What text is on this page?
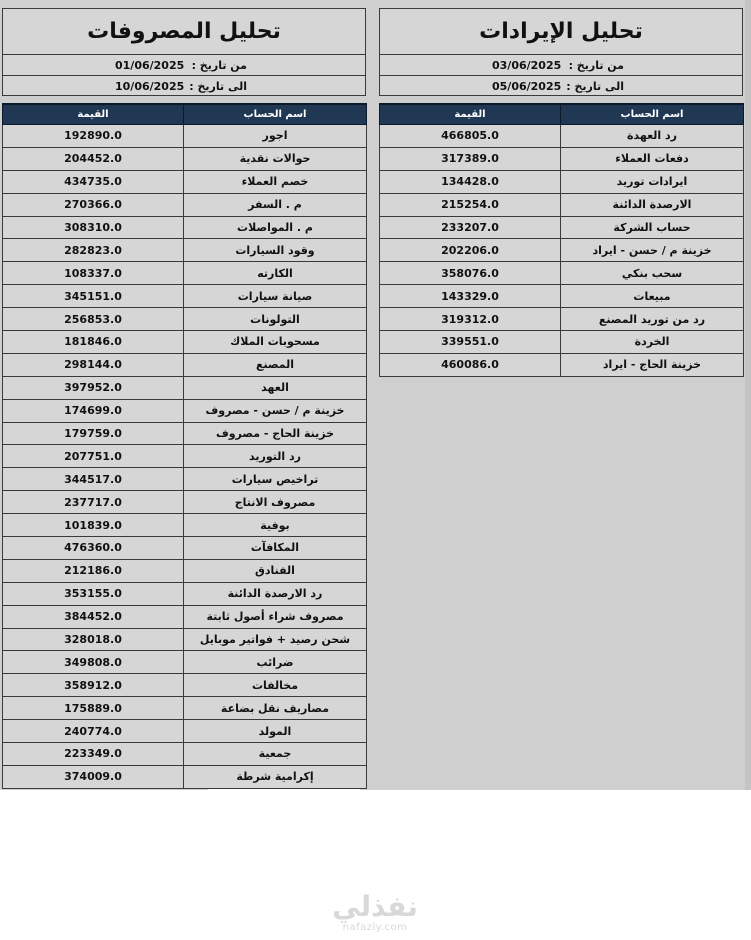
تحليل المصروفات
من تاريخ :
01/06/2025
الى تاريخ :
10/06/2025
تحليل الإيرادات
من تاريخ :
03/06/2025
الى تاريخ :
05/06/2025
القيمة	اسم الحساب
192890.0	اجور
204452.0	حوالات نقدية
434735.0	خصم العملاء
270366.0	م . السفر
308310.0	م . المواصلات
282823.0	وقود السيارات
108337.0	الكارته
345151.0	صيانة سيارات
256853.0	التولونات
181846.0	مسحوبات الملاك
298144.0	المصنع
397952.0	العهد
174699.0	خزينة م / حسن - مصروف
179759.0	خزينة الحاج - مصروف
207751.0	رد التوريد
344517.0	تراخيص سيارات
237717.0	مصروف الانتاج
101839.0	بوفية
476360.0	المكافآت
212186.0	الفنادق
353155.0	رد الارصدة الدائنة
384452.0	مصروف شراء أصول ثابتة
328018.0	شحن رصيد + فواتير موبايل
349808.0	ضرائب
358912.0	مخالفات
175889.0	مصاريف نقل بضاعة
240774.0	المولد
223349.0	جمعية
374009.0	إكرامية شرطة
القيمة	اسم الحساب
466805.0	رد العهدة
317389.0	دفعات العملاء
134428.0	ايرادات توريد
215254.0	الارصدة الدائنة
233207.0	حساب الشركة
202206.0	خزينة م / حسن - ايراد
358076.0	سحب بنكي
143329.0	مبيعات
319312.0	رد من توريد المصنع
339551.0	الخردة
460086.0	خزينة الحاج - ايراد
نفذلي
nafazly.com
